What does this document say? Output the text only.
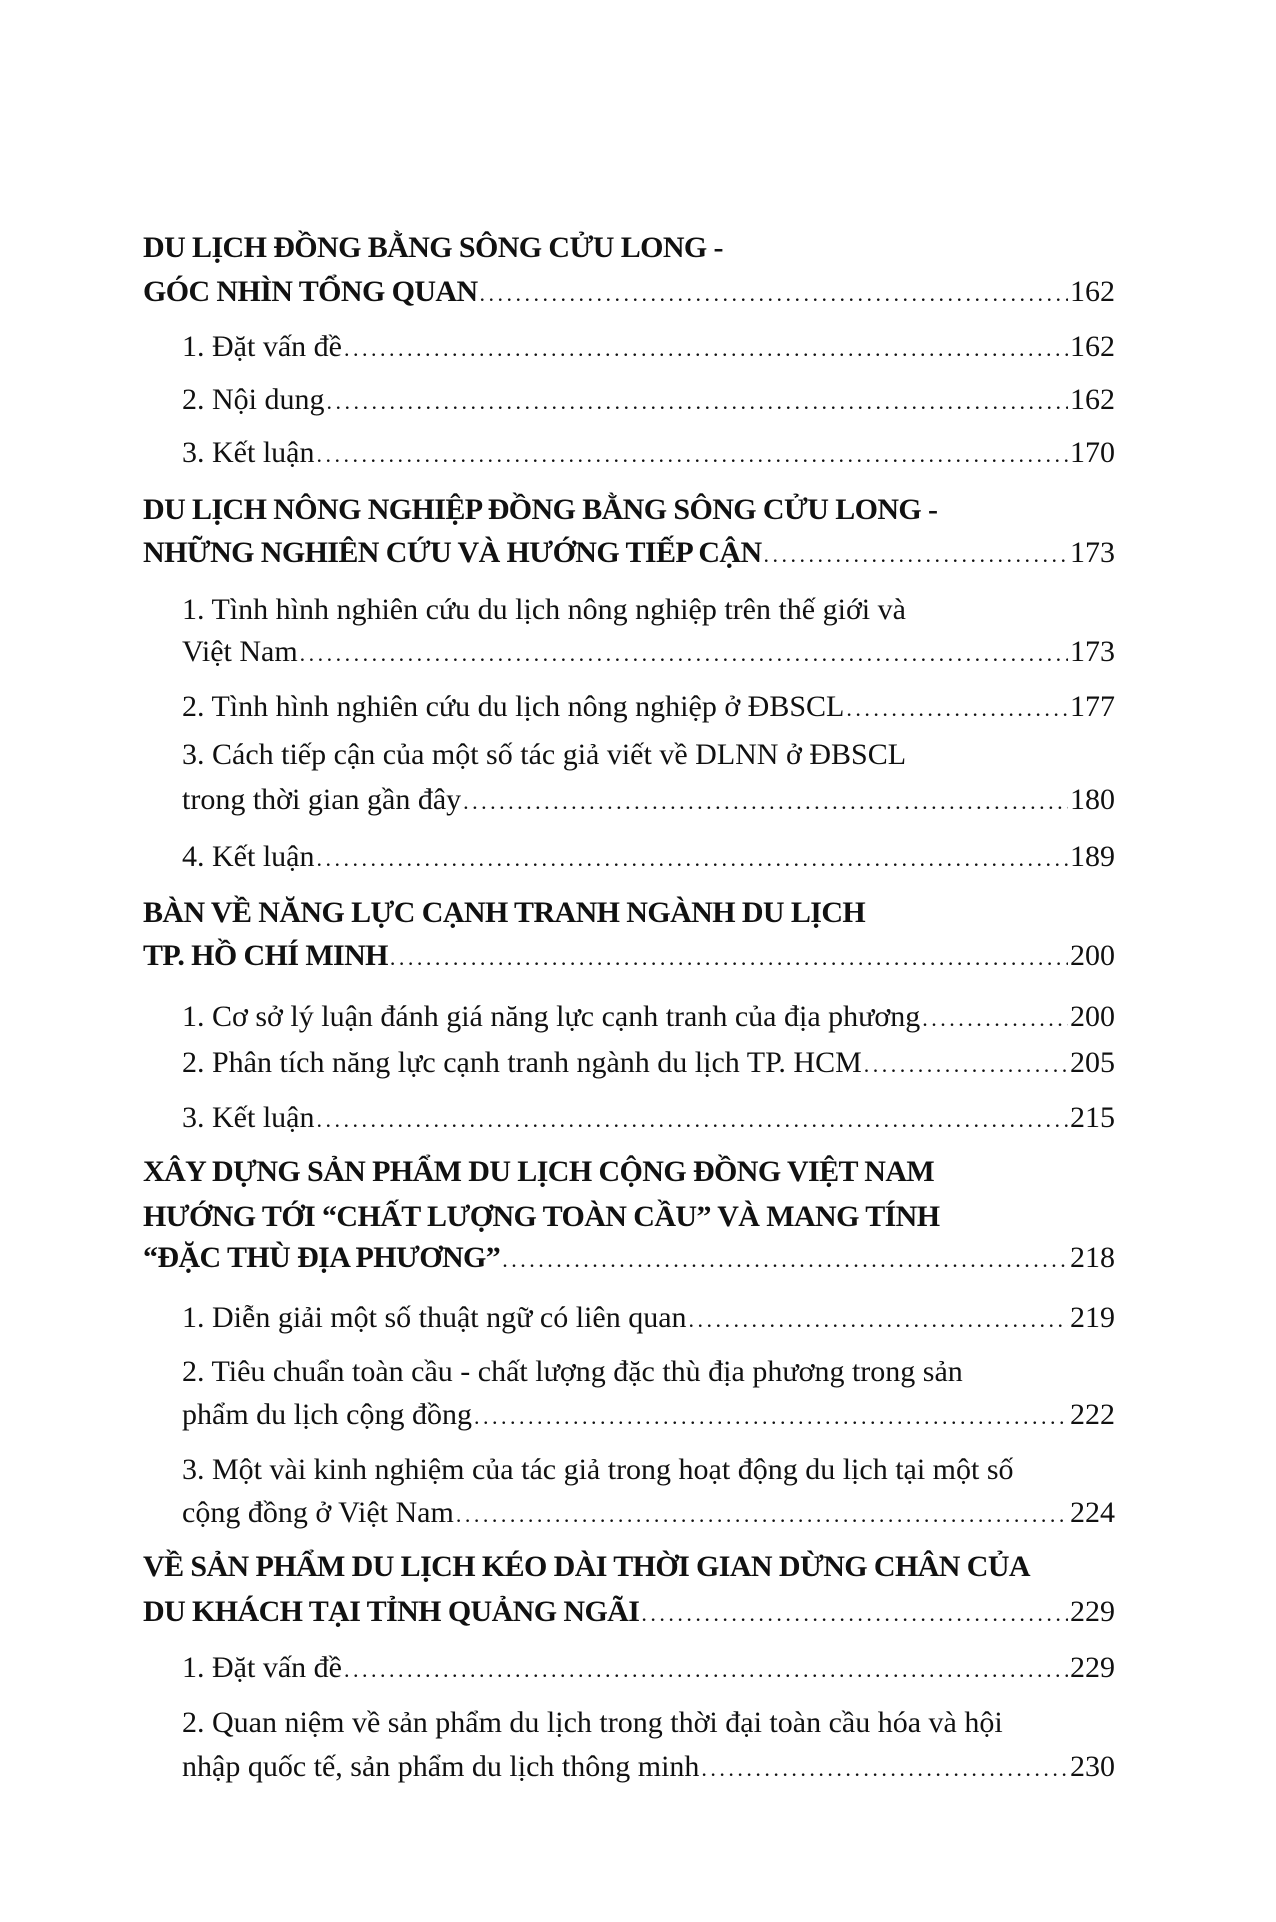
DU LỊCH ĐỒNG BẰNG SÔNG CỬU LONG -
GÓC NHÌN TỔNG QUAN . . .	162
1. Đặt vấn đề . . .	162
2. Nội dung . . .	162
3. Kết luận . . .	170
DU LỊCH NÔNG NGHIỆP ĐỒNG BẰNG SÔNG CỬU LONG -
NHỮNG NGHIÊN CỨU VÀ HƯỚNG TIẾP CẬN . . .	173
1. Tình hình nghiên cứu du lịch nông nghiệp trên thế giới và
Việt Nam . . .	173
2. Tình hình nghiên cứu du lịch nông nghiệp ở ĐBSCL . . .	177
3. Cách tiếp cận của một số tác giả viết về DLNN ở ĐBSCL
trong thời gian gần đây . . .	180
4. Kết luận . . .	189
BÀN VỀ NĂNG LỰC CẠNH TRANH NGÀNH DU LỊCH
TP. HỒ CHÍ MINH . . .	200
1. Cơ sở lý luận đánh giá năng lực cạnh tranh của địa phương . . .	200
2. Phân tích năng lực cạnh tranh ngành du lịch TP. HCM . . .	205
3. Kết luận . . .	215
XÂY DỰNG SẢN PHẨM DU LỊCH CỘNG ĐỒNG VIỆT NAM
HƯỚNG TỚI “CHẤT LƯỢNG TOÀN CẦU” VÀ MANG TÍNH
“ĐẶC THÙ ĐỊA PHƯƠNG” . . .	218
1. Diễn giải một số thuật ngữ có liên quan . . .	219
2. Tiêu chuẩn toàn cầu - chất lượng đặc thù địa phương trong sản
phẩm du lịch cộng đồng . . .	222
3. Một vài kinh nghiệm của tác giả trong hoạt động du lịch tại một số
cộng đồng ở Việt Nam . . .	224
VỀ SẢN PHẨM DU LỊCH KÉO DÀI THỜI GIAN DỪNG CHÂN CỦA
DU KHÁCH TẠI TỈNH QUẢNG NGÃI . . .	229
1. Đặt vấn đề . . .	229
2. Quan niệm về sản phẩm du lịch trong thời đại toàn cầu hóa và hội
nhập quốc tế, sản phẩm du lịch thông minh . . .	230
